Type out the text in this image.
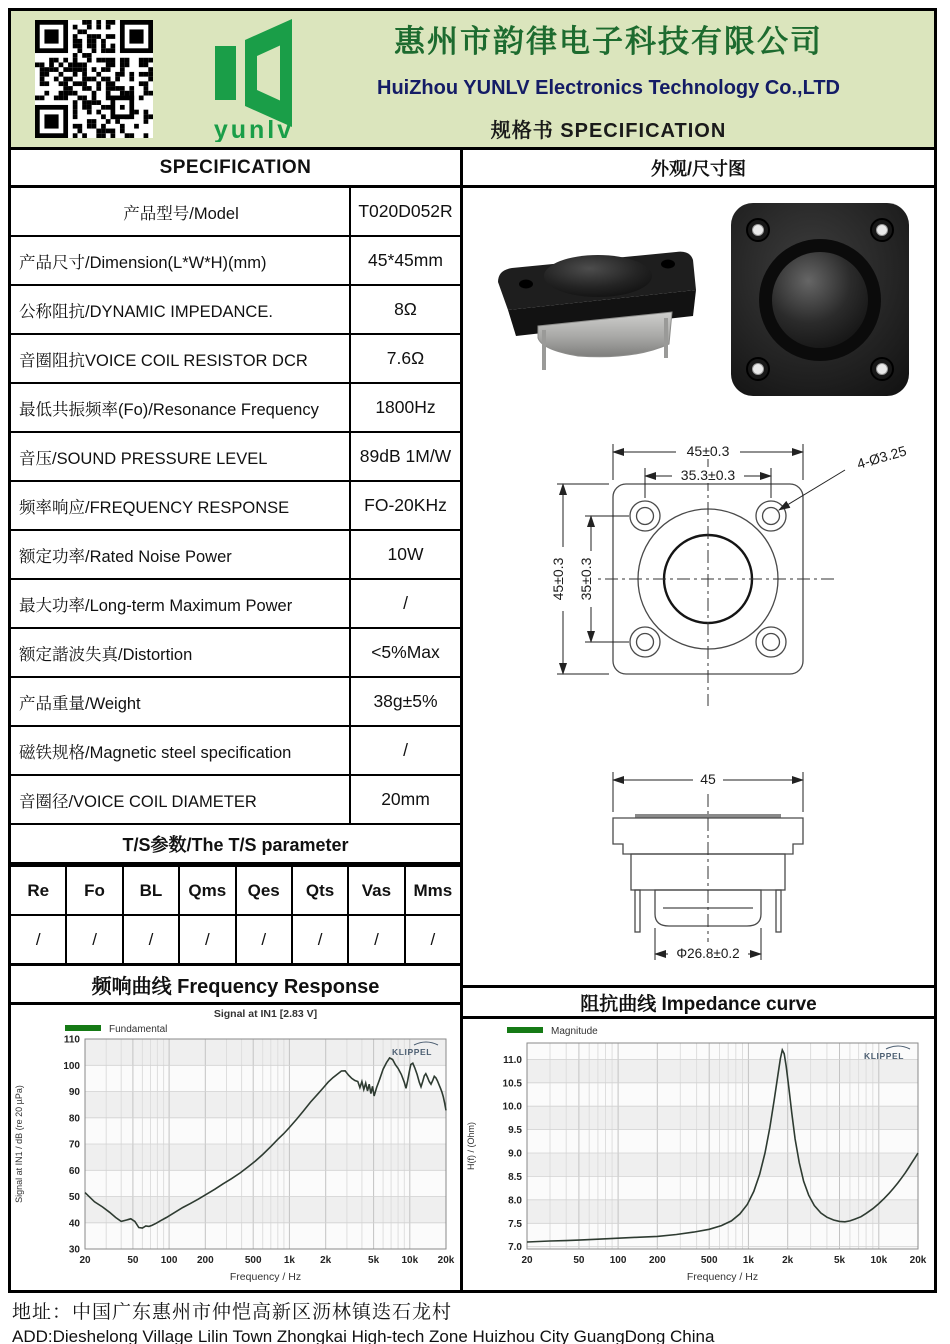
yunlv
惠州市韵律电子科技有限公司
HuiZhou YUNLV Electronics Technology Co.,LTD
规格书 SPECIFICATION
SPECIFICATION
产品型号/Model	T020D052R
产品尺寸/Dimension(L*W*H)(mm)	45*45mm
公称阻抗/DYNAMIC IMPEDANCE.	8Ω
音圈阻抗VOICE COIL RESISTOR DCR	7.6Ω
最低共振频率(Fo)/Resonance Frequency	1800Hz
音压/SOUND PRESSURE LEVEL	89dB 1M/W
频率响应/FREQUENCY RESPONSE	FO-20KHz
额定功率/Rated Noise Power	10W
最大功率/Long-term Maximum Power	/
额定諧波失真/Distortion	<5%Max
产品重量/Weight	38g±5%
磁铁规格/Magnetic steel specification	/
音圈径/VOICE COIL DIAMETER	20mm
T/S参数/The T/S parameter
Re	Fo	BL	Qms	Qes	Qts	Vas	Mms
/	/	/	/	/	/	/	/
外观/尺寸图
45±0.3
35.3±0.3
4-Ø3.25
45±0.3 35±0.3
45
Φ26.8±0.2
频响曲线 Frequency Response
20	50 100 200	500 1k	2k	5k 10k 20k
30
40
50
60
70
80
90
100
110
Signal at IN1 [2.83 V]
Fundamental
KLIPPEL
Signal at IN1 / dB (re 20 µPa)
Frequency / Hz
阻抗曲线 Impedance curve
20	50	100 200	500	1k	2k	5k	10k 20k
7.0
7.5
8.0
8.5
9.0
9.5
10.0
10.5
11.0
Magnitude
KLIPPEL
H(f) / (Ohm)
Frequency / Hz
地址：中国广东惠州市仲恺高新区沥林镇迭石龙村
ADD:Dieshelong Village Lilin Town Zhongkai High-tech Zone Huizhou City GuangDong China
